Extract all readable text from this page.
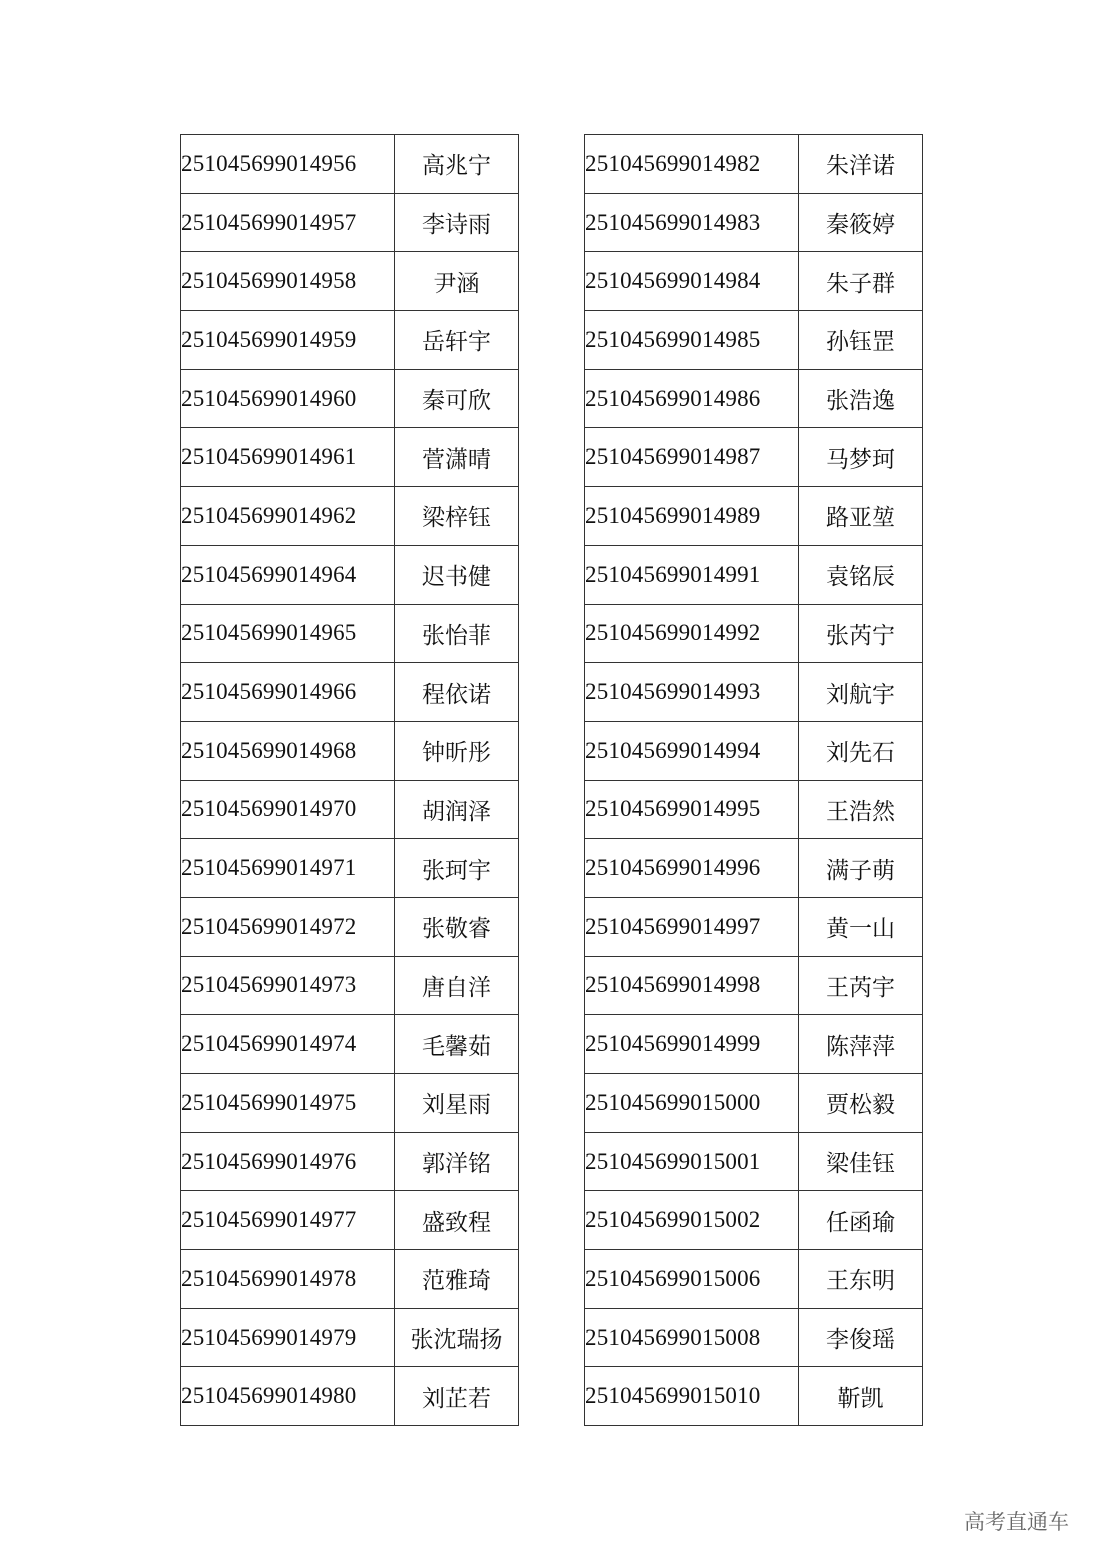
251045699014956	高兆宁
251045699014957	李诗雨
251045699014958	尹涵
251045699014959	岳轩宇
251045699014960	秦可欣
251045699014961	菅潇晴
251045699014962	梁梓钰
251045699014964	迟书健
251045699014965	张怡菲
251045699014966	程依诺
251045699014968	钟昕彤
251045699014970	胡润泽
251045699014971	张珂宇
251045699014972	张敬睿
251045699014973	唐自洋
251045699014974	毛馨茹
251045699014975	刘星雨
251045699014976	郭洋铭
251045699014977	盛致程
251045699014978	范雅琦
251045699014979	张沈瑞扬
251045699014980	刘芷若
251045699014982	朱洋诺
251045699014983	秦筱婷
251045699014984	朱子群
251045699014985	孙钰罡
251045699014986	张浩逸
251045699014987	马梦珂
251045699014989	路亚堃
251045699014991	袁铭辰
251045699014992	张芮宁
251045699014993	刘航宇
251045699014994	刘先石
251045699014995	王浩然
251045699014996	满子萌
251045699014997	黄一山
251045699014998	王芮宇
251045699014999	陈萍萍
251045699015000	贾松毅
251045699015001	梁佳钰
251045699015002	任函瑜
251045699015006	王东明
251045699015008	李俊瑶
251045699015010	靳凯
高考直通车
